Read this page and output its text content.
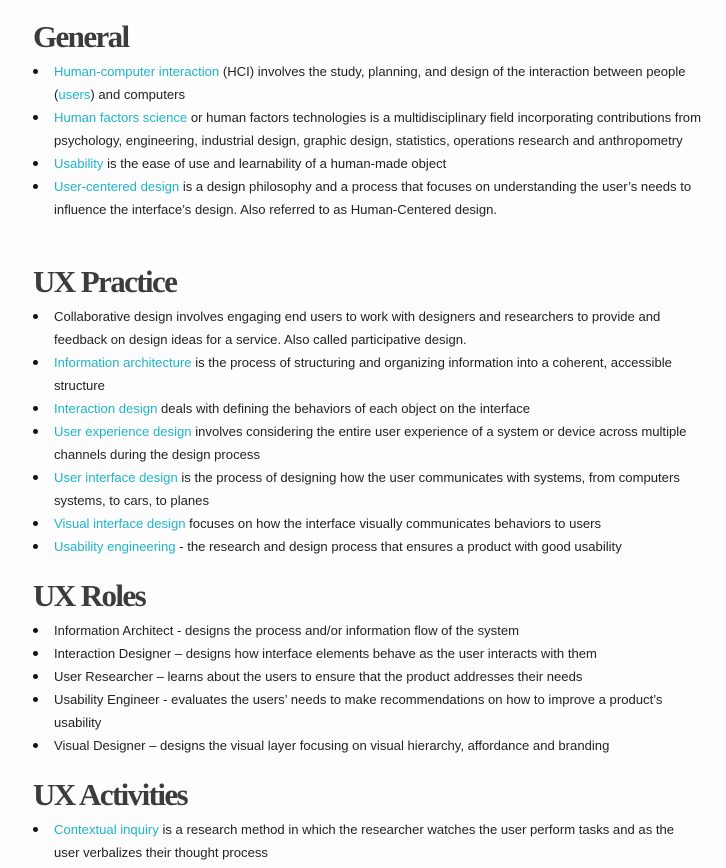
General
Human-computer interaction (HCI) involves the study, planning, and design of the interaction between people (users) and computers
Human factors science or human factors technologies is a multidisciplinary field incorporating contributions from psychology, engineering, industrial design, graphic design, statistics, operations research and anthropometry
Usability is the ease of use and learnability of a human-made object
User-centered design is a design philosophy and a process that focuses on understanding the user’s needs to influence the interface’s design. Also referred to as Human-Centered design.
UX Practice
Collaborative design involves engaging end users to work with designers and researchers to provide and feedback on design ideas for a service. Also called participative design.
Information architecture is the process of structuring and organizing information into a coherent, accessible structure
Interaction design deals with defining the behaviors of each object on the interface
User experience design involves considering the entire user experience of a system or device across multiple channels during the design process
User interface design is the process of designing how the user communicates with systems, from computers systems, to cars, to planes
Visual interface design focuses on how the interface visually communicates behaviors to users
Usability engineering - the research and design process that ensures a product with good usability
UX Roles
Information Architect - designs the process and/or information flow of the system
Interaction Designer – designs how interface elements behave as the user interacts with them
User Researcher – learns about the users to ensure that the product addresses their needs
Usability Engineer - evaluates the users’ needs to make recommendations on how to improve a product’s usability
Visual Designer – designs the visual layer focusing on visual hierarchy, affordance and branding
UX Activities
Contextual inquiry is a research method in which the researcher watches the user perform tasks and as the user verbalizes their thought process
